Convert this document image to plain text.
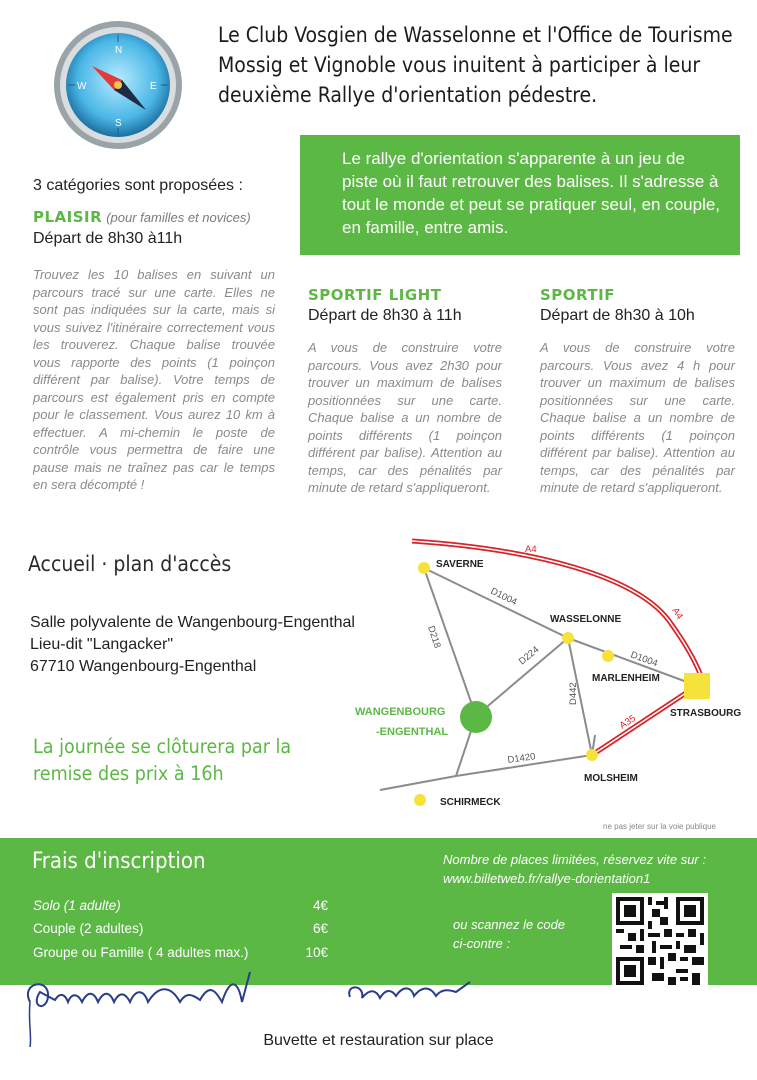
N
E
S
W
Le Club Vosgien de Wasselonne et l'Office de Tourisme
Mossig et Vignoble vous inuitent à participer à leur
deuxième Rallye d'orientation pédestre.
Le rallye d'orientation s'apparente à un jeu de piste où il faut retrouver des balises. Il s'adresse à tout le monde et peut se pratiquer seul, en couple, en famille, entre amis.
3 catégories sont proposées :
PLAISIR (pour familles et novices)
Départ de 8h30 à11h
Trouvez les 10 balises en suivant un parcours tracé sur une carte. Elles ne sont pas indiquées sur la carte, mais si vous suivez l'itinéraire correctement vous les trouverez. Chaque balise trouvée vous rapporte des points (1 poinçon différent par balise). Votre temps de parcours est également pris en compte pour le classement. Vous aurez 10 km à effectuer. A mi-chemin le poste de contrôle vous permettra de faire une pause mais ne traînez pas car le temps en sera décompté !
SPORTIF LIGHT
Départ de 8h30 à 11h
A vous de construire votre parcours. Vous avez 2h30 pour trouver un maximum de balises positionnées sur une carte. Chaque balise a un nombre de points différents (1 poinçon différent par balise). Attention au temps, car des pénalités par minute de retard s'appliqueront.
SPORTIF
Départ de 8h30 à 10h
A vous de construire votre parcours. Vous avez 4 h pour trouver un maximum de balises positionnées sur une carte. Chaque balise a un nombre de points différents (1 poinçon différent par balise). Attention au temps, car des pénalités par minute de retard s'appliqueront.
Accueil · plan d'accès
Salle polyvalente de Wangenbourg-Engenthal
Lieu-dit "Langacker"
67710 Wangenbourg-Engenthal
La journée se clôturera par la
remise des prix à 16h
SAVERNE
WASSELONNE
MARLENHEIM
STRASBOURG
MOLSHEIM
SCHIRMECK
WANGENBOURG
-ENGENTHAL
A4
A4
A35
D1004
D1004
D218
D224
D442
D1420
ne pas jeter sur la voie publique
Frais d'inscription
Solo (1 adulte)	4€
Couple (2 adultes)	6€
Groupe ou Famille ( 4 adultes max.)	10€
Nombre de places limitées, réservez vite sur :
www.billetweb.fr/rallye-dorientation1
ou scannez le code
ci-contre :
Buvette et restauration sur place
